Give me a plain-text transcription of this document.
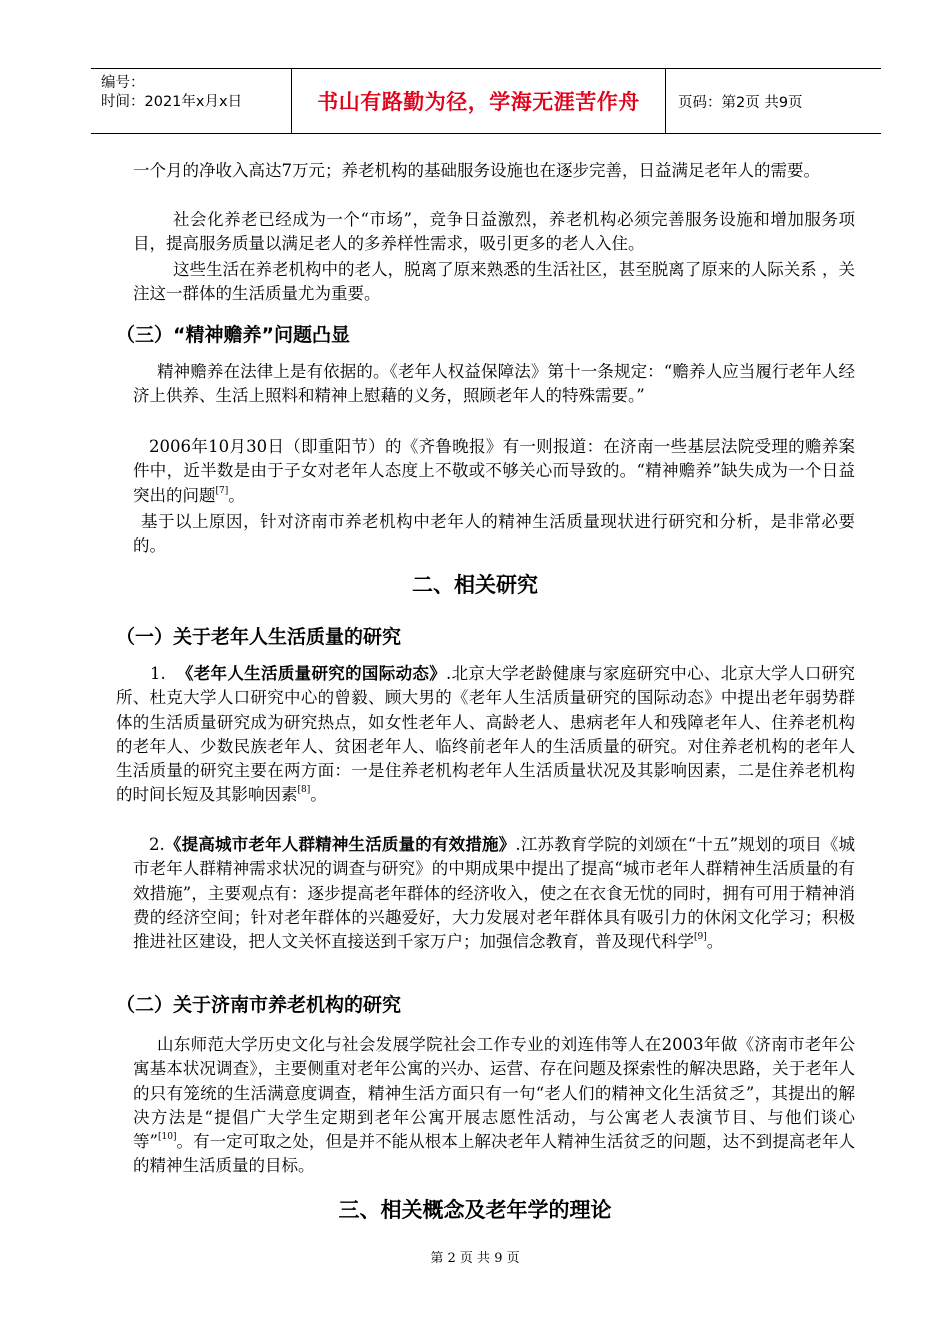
编号：
时间：2021年x月x日	书山有路勤为径，学海无涯苦作舟	页码：第2页 共9页

一个月的净收入高达7万元；养老机构的基础服务设施也在逐步完善，日益满足老年人的需要。

社会化养老已经成为一个“市场”，竞争日益激烈，养老机构必须完善服务设施和增加服务项目，提高服务质量以满足老人的多养样性需求，吸引更多的老人入住。

这些生活在养老机构中的老人，脱离了原来熟悉的生活社区，甚至脱离了原来的人际关系 ，关注这一群体的生活质量尤为重要。

（三）“精神赡养”问题凸显

精神赡养在法律上是有依据的。《老年人权益保障法》第十一条规定：“赡养人应当履行老年人经济上供养、生活上照料和精神上慰藉的义务，照顾老年人的特殊需要。”

2006年10月30日（即重阳节）的《齐鲁晚报》有一则报道：在济南一些基层法院受理的赡养案件中，近半数是由于子女对老年人态度上不敬或不够关心而导致的。“精神赡养”缺失成为一个日益突出的问题[7]。

基于以上原因，针对济南市养老机构中老年人的精神生活质量现状进行研究和分析，是非常必要的。

二、相关研究
（一）关于老年人生活质量的研究

1. 《老年人生活质量研究的国际动态》.北京大学老龄健康与家庭研究中心、北京大学人口研究所、杜克大学人口研究中心的曾毅、顾大男的《老年人生活质量研究的国际动态》中提出老年弱势群体的生活质量研究成为研究热点，如女性老年人、高龄老人、患病老年人和残障老年人、住养老机构的老年人、少数民族老年人、贫困老年人、临终前老年人的生活质量的研究。对住养老机构的老年人生活质量的研究主要在两方面：一是住养老机构老年人生活质量状况及其影响因素，二是住养老机构的时间长短及其影响因素[8]。

2.《提高城市老年人群精神生活质量的有效措施》.江苏教育学院的刘颂在“十五”规划的项目《城市老年人群精神需求状况的调查与研究》的中期成果中提出了提高“城市老年人群精神生活质量的有效措施”，主要观点有：逐步提高老年群体的经济收入，使之在衣食无忧的同时，拥有可用于精神消费的经济空间；针对老年群体的兴趣爱好，大力发展对老年群体具有吸引力的休闲文化学习；积极推进社区建设，把人文关怀直接送到千家万户；加强信念教育，普及现代科学[9]。

（二）关于济南市养老机构的研究

山东师范大学历史文化与社会发展学院社会工作专业的刘连伟等人在2003年做《济南市老年公寓基本状况调查》，主要侧重对老年公寓的兴办、运营、存在问题及探索性的解决思路，关于老年人的只有笼统的生活满意度调查，精神生活方面只有一句“老人们的精神文化生活贫乏”，其提出的解决方法是“提倡广大学生定期到老年公寓开展志愿性活动，与公寓老人表演节目、与他们谈心等”[10]。有一定可取之处，但是并不能从根本上解决老年人精神生活贫乏的问题，达不到提高老年人的精神生活质量的目标。

三、相关概念及老年学的理论
第 2 页 共 9 页
